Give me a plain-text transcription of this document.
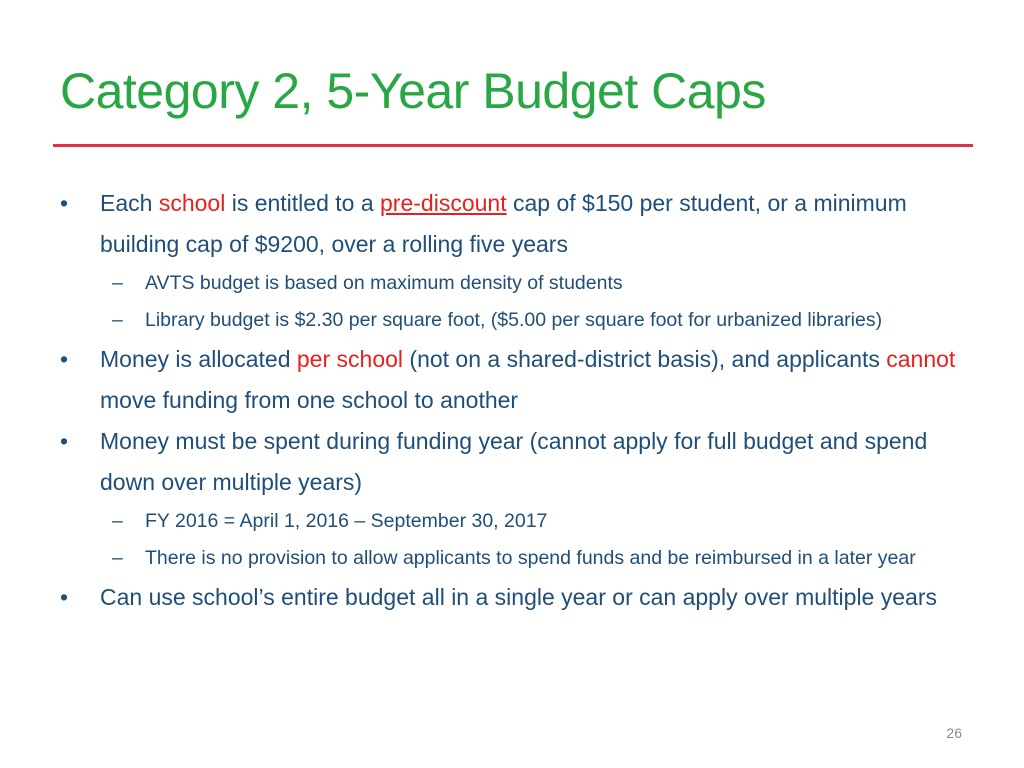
Category 2, 5-Year Budget Caps
• Each school is entitled to a pre-discount cap of $150 per student, or a minimum building cap of $9200, over a rolling five years
– AVTS budget is based on maximum density of students
– Library budget is $2.30 per square foot, ($5.00 per square foot for urbanized libraries)
• Money is allocated per school (not on a shared-district basis), and applicants cannot move funding from one school to another
• Money must be spent during funding year (cannot apply for full budget and spend down over multiple years)
– FY 2016 = April 1, 2016 – September 30, 2017
– There is no provision to allow applicants to spend funds and be reimbursed in a later year
• Can use school’s entire budget all in a single year or can apply over multiple years
26
